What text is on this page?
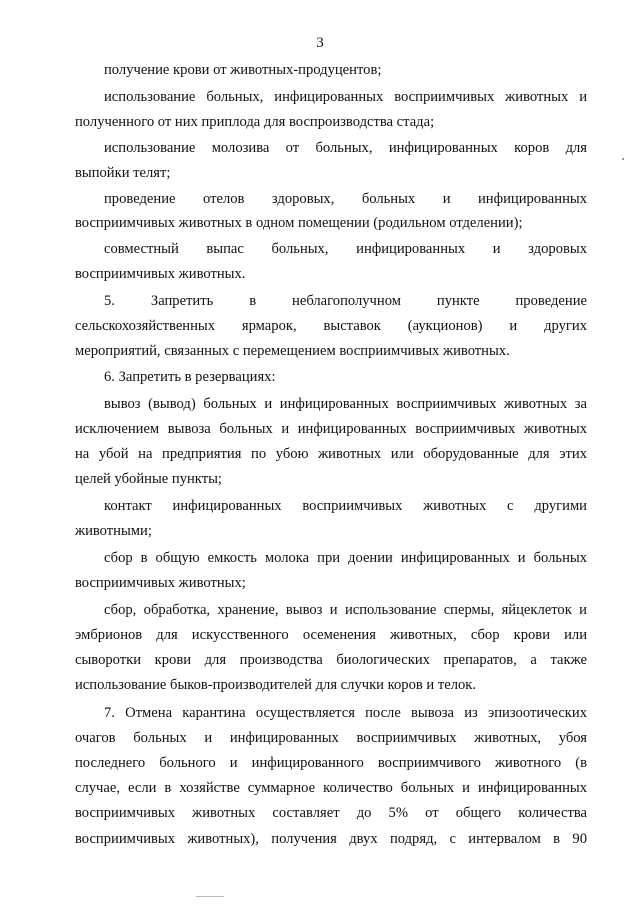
3
получение крови от животных-продуцентов;
использование больных, инфицированных восприимчивых животных и
полученного от них приплода для воспроизводства стада;
использование молозива от больных, инфицированных коров для
выпойки телят;
проведение отелов здоровых, больных и инфицированных
восприимчивых животных в одном помещении (родильном отделении);
совместный выпас больных, инфицированных и здоровых
восприимчивых животных.
5. Запретить в неблагополучном пункте проведение
сельскохозяйственных ярмарок, выставок (аукционов) и других
мероприятий, связанных с перемещением восприимчивых животных.
6. Запретить в резервациях:
вывоз (вывод) больных и инфицированных восприимчивых животных за
исключением вывоза больных и инфицированных восприимчивых животных
на убой на предприятия по убою животных или оборудованные для этих
целей убойные пункты;
контакт инфицированных восприимчивых животных с другими
животными;
сбор в общую емкость молока при доении инфицированных и больных
восприимчивых животных;
сбор, обработка, хранение, вывоз и использование спермы, яйцеклеток и
эмбрионов для искусственного осеменения животных, сбор крови или
сыворотки крови для производства биологических препаратов, а также
использование быков-производителей для случки коров и телок.
7. Отмена карантина осуществляется после вывоза из эпизоотических
очагов больных и инфицированных восприимчивых животных, убоя
последнего больного и инфицированного восприимчивого животного (в
случае, если в хозяйстве суммарное количество больных и инфицированных
восприимчивых животных составляет до 5% от общего количества
восприимчивых животных), получения двух подряд, с интервалом в 90
